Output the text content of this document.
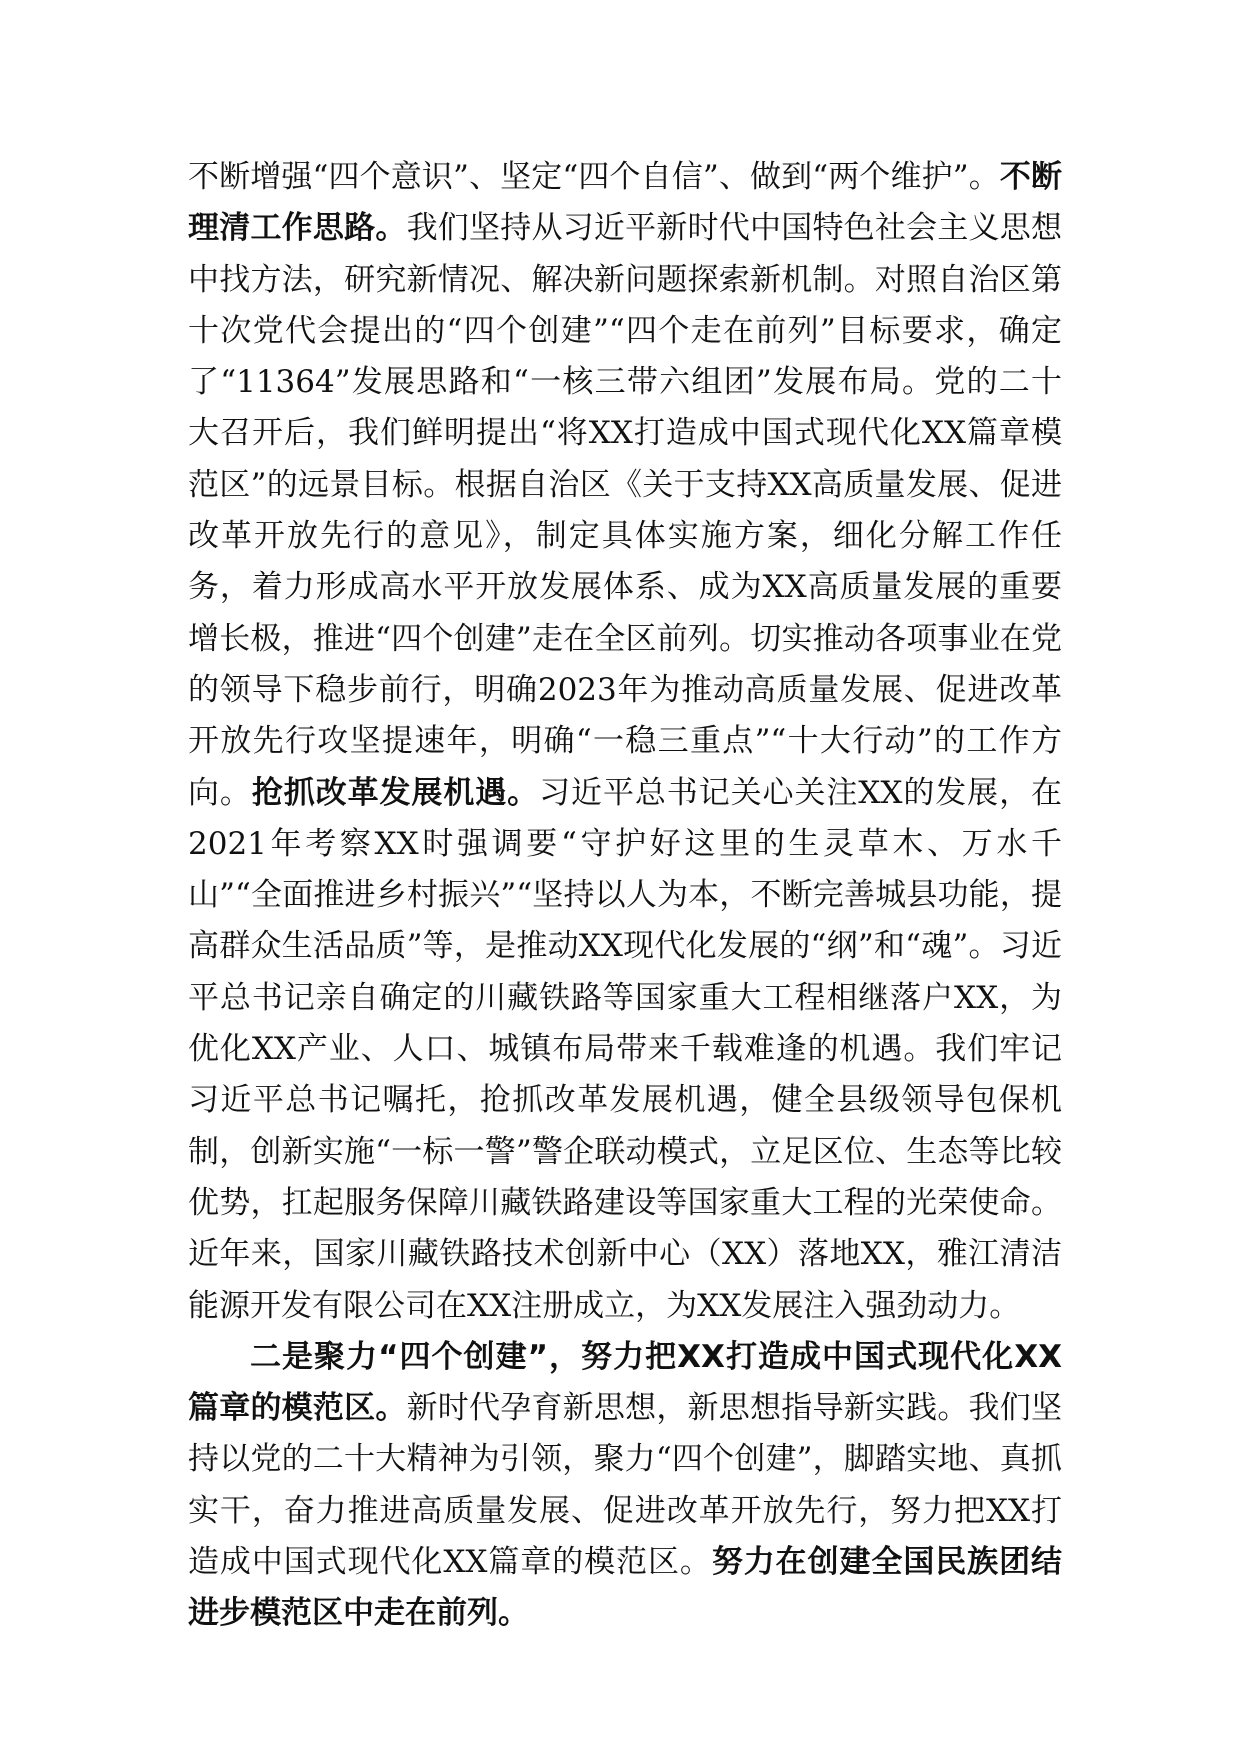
不断增强“四个意识”、坚定“四个自信”、做到“两个维护”。不断理清工作思路。我们坚持从习近平新时代中国特色社会主义思想中找方法，研究新情况、解决新问题探索新机制。对照自治区第十次党代会提出的“四个创建”“四个走在前列”目标要求，确定了“11364”发展思路和“一核三带六组团”发展布局。党的二十大召开后，我们鲜明提出“将XX打造成中国式现代化XX篇章模范区”的远景目标。根据自治区《关于支持XX高质量发展、促进改革开放先行的意见》，制定具体实施方案，细化分解工作任务，着力形成高水平开放发展体系、成为XX高质量发展的重要增长极，推进“四个创建”走在全区前列。切实推动各项事业在党的领导下稳步前行，明确2023年为推动高质量发展、促进改革开放先行攻坚提速年，明确“一稳三重点”“十大行动”的工作方向。抢抓改革发展机遇。习近平总书记关心关注XX的发展，在2021年考察XX时强调要“守护好这里的生灵草木、万水千山”“全面推进乡村振兴”“坚持以人为本，不断完善城县功能，提高群众生活品质”等，是推动XX现代化发展的“纲”和“魂”。习近平总书记亲自确定的川藏铁路等国家重大工程相继落户XX，为优化XX产业、人口、城镇布局带来千载难逢的机遇。我们牢记习近平总书记嘱托，抢抓改革发展机遇，健全县级领导包保机制，创新实施“一标一警”警企联动模式，立足区位、生态等比较优势，扛起服务保障川藏铁路建设等国家重大工程的光荣使命。近年来，国家川藏铁路技术创新中心（XX）落地XX，雅江清洁能源开发有限公司在XX注册成立，为XX发展注入强劲动力。

二是聚力“四个创建”，努力把XX打造成中国式现代化XX篇章的模范区。新时代孕育新思想，新思想指导新实践。我们坚持以党的二十大精神为引领，聚力“四个创建”，脚踏实地、真抓实干，奋力推进高质量发展、促进改革开放先行，努力把XX打造成中国式现代化XX篇章的模范区。努力在创建全国民族团结进步模范区中走在前列。
